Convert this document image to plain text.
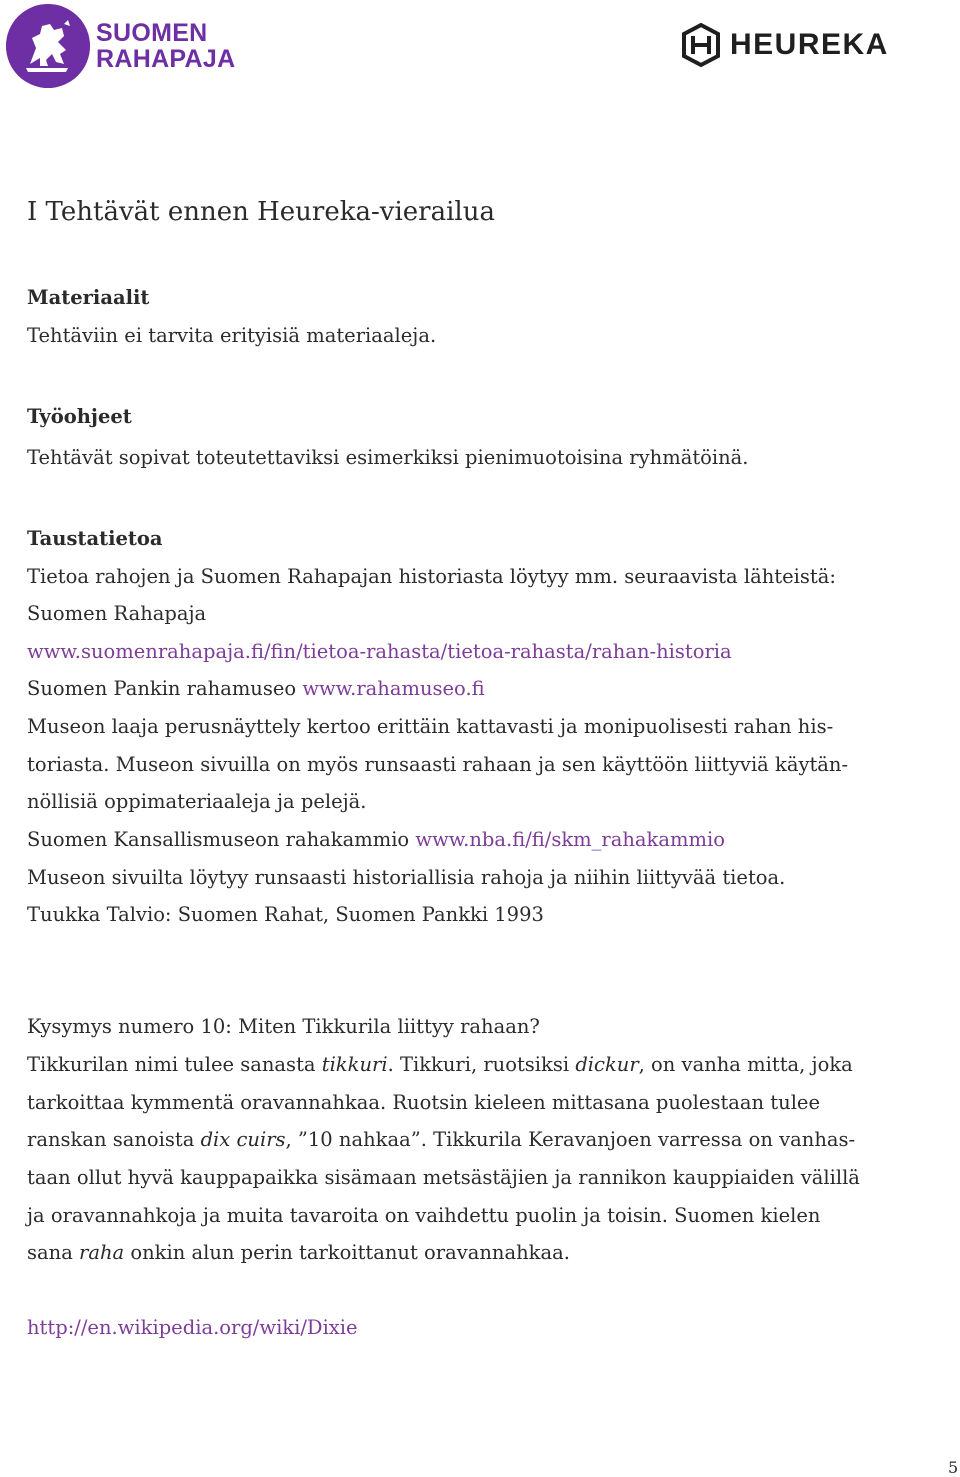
SUOMEN
RAHAPAJA	HEUREKA
I Tehtävät ennen Heureka-vierailua
Materiaalit
Tehtäviin ei tarvita erityisiä materiaaleja.
Työohjeet
Tehtävät sopivat toteutettaviksi esimerkiksi pienimuotoisina ryhmätöinä.
Taustatietoa
Tietoa rahojen ja Suomen Rahapajan historiasta löytyy mm. seuraavista lähteistä:
Suomen Rahapaja
www.suomenrahapaja.fi/fin/tietoa-rahasta/tietoa-rahasta/rahan-historia
Suomen Pankin rahamuseo www.rahamuseo.fi
Museon laaja perusnäyttely kertoo erittäin kattavasti ja monipuolisesti rahan his-
toriasta. Museon sivuilla on myös runsaasti rahaan ja sen käyttöön liittyviä käytän-
nöllisiä oppimateriaaleja ja pelejä.
Suomen Kansallismuseon rahakammio www.nba.fi/fi/skm_rahakammio
Museon sivuilta löytyy runsaasti historiallisia rahoja ja niihin liittyvää tietoa.
Tuukka Talvio: Suomen Rahat, Suomen Pankki 1993
Kysymys numero 10: Miten Tikkurila liittyy rahaan?
Tikkurilan nimi tulee sanasta tikkuri. Tikkuri, ruotsiksi dickur, on vanha mitta, joka
tarkoittaa kymmentä oravannahkaa. Ruotsin kieleen mittasana puolestaan tulee
ranskan sanoista dix cuirs, ”10 nahkaa”. Tikkurila Keravanjoen varressa on vanhas-
taan ollut hyvä kauppapaikka sisämaan metsästäjien ja rannikon kauppiaiden välillä
ja oravannahkoja ja muita tavaroita on vaihdettu puolin ja toisin. Suomen kielen
sana raha onkin alun perin tarkoittanut oravannahkaa.
http://en.wikipedia.org/wiki/Dixie
5
